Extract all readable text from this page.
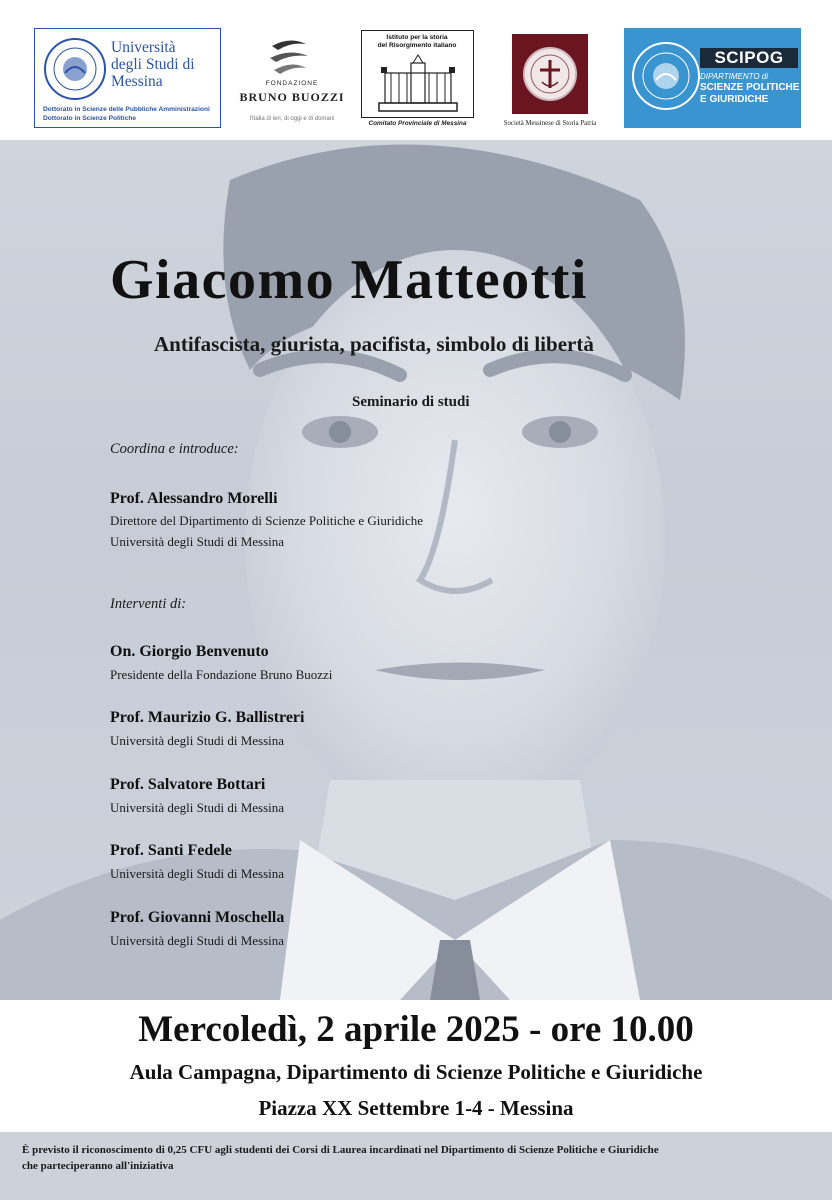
Università
degli Studi di
Messina
Dottorato in Scienze delle Pubbliche Amministrazioni
Dottorato in Scienze Politiche
FONDAZIONE
BRUNO BUOZZI
l'Italia di ieri, di oggi e di domani
Istituto per la storia
del Risorgimento italiano
Comitato Provinciale di Messina	Società Messinese di Storia Patria
SCIPOG
DIPARTIMENTO di
SCIENZE POLITICHE
E GIURIDICHE
Giacomo Matteotti
Antifascista, giurista, pacifista, simbolo di libertà
Seminario di studi
Coordina e introduce:
Prof. Alessandro Morelli
Direttore del Dipartimento di Scienze Politiche e Giuridiche
Università degli Studi di Messina
Interventi di:
On. Giorgio Benvenuto
Presidente della Fondazione Bruno Buozzi
Prof. Maurizio G. Ballistreri
Università degli Studi di Messina
Prof. Salvatore Bottari
Università degli Studi di Messina
Prof. Santi Fedele
Università degli Studi di Messina
Prof. Giovanni Moschella
Università degli Studi di Messina
Mercoledì, 2 aprile 2025 - ore 10.00
Aula Campagna, Dipartimento di Scienze Politiche e Giuridiche
Piazza XX Settembre 1-4 - Messina
È previsto il riconoscimento di 0,25 CFU agli studenti dei Corsi di Laurea incardinati nel Dipartimento di Scienze Politiche e Giuridiche
che parteciperanno all'iniziativa
